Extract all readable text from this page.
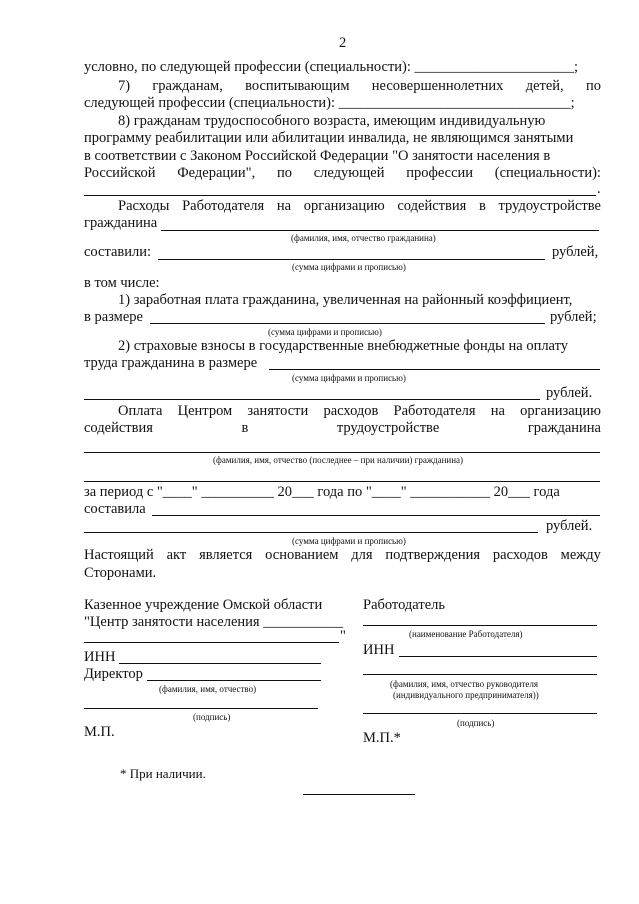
2
условно, по следующей профессии (специальности): ______________________;
7) гражданам, воспитывающим несовершеннолетних детей, по
следующей профессии (специальности): ________________________________;
8) гражданам трудоспособного возраста, имеющим индивидуальную
программу реабилитации или абилитации инвалида, не являющимся занятыми
в соответствии с Законом Российской Федерации "О занятости населения в
Российской Федерации", по следующей профессии (специальности):
.
Расходы Работодателя на организацию содействия в трудоустройстве
гражданина
(фамилия, имя, отчество гражданина)
составили:	рублей,
(сумма цифрами и прописью)
в том числе:
1) заработная плата гражданина, увеличенная на районный коэффициент,
в размере	рублей;
(сумма цифрами и прописью)
2) страховые взносы в государственные внебюджетные фонды на оплату
труда гражданина в размере
(сумма цифрами и прописью)
рублей.
Оплата Центром занятости расходов Работодателя на организацию
содействия	в	трудоустройстве	гражданина
(фамилия, имя, отчество (последнее – при наличии) гражданина)
за период с "____" __________ 20___ года по "____" ___________ 20___ года
составила
рублей.
(сумма цифрами и прописью)
Настоящий акт является основанием для подтверждения расходов между
Сторонами.
Казенное учреждение Омской области
"Центр занятости населения ___________
"
ИНН
Директор
(фамилия, имя, отчество)
(подпись)
М.П.
Работодатель
(наименование Работодателя)
ИНН
(фамилия, имя, отчество руководителя
(индивидуального предпринимателя))
(подпись)
М.П.*
* При наличии.
